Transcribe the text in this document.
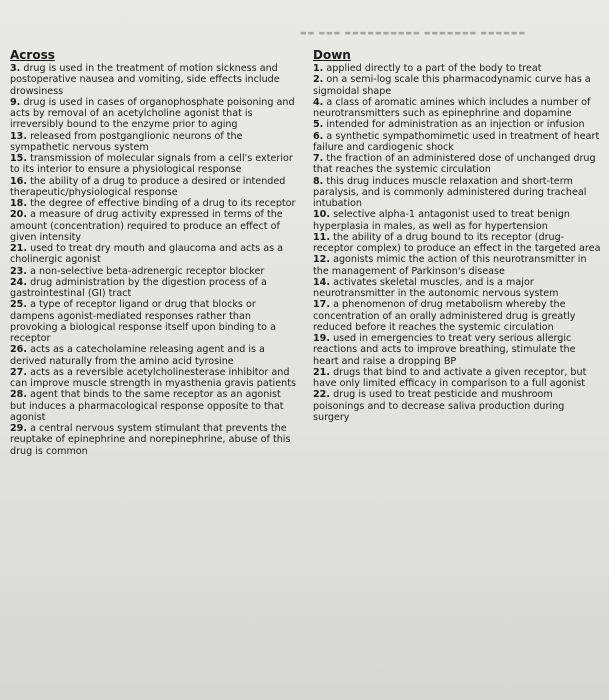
▬▬ ▬▬▬ ▬▬▬▬▬▬▬▬▬▬ ▬▬▬▬▬▬▬ ▬▬▬▬▬▬
Across

3. drug is used in the treatment of motion sickness and postoperative nausea and vomiting, side effects include drowsiness

9. drug is used in cases of organophosphate poisoning and acts by removal of an acetylcholine agonist that is irreversibly bound to the enzyme prior to aging

13. released from postganglionic neurons of the sympathetic nervous system

15. transmission of molecular signals from a cell's exterior to its interior to ensure a physiological response

16. the ability of a drug to produce a desired or intended therapeutic/physiological response

18. the degree of effective binding of a drug to its receptor

20. a measure of drug activity expressed in terms of the amount (concentration) required to produce an effect of given intensity

21. used to treat dry mouth and glaucoma and acts as a cholinergic agonist

23. a non-selective beta-adrenergic receptor blocker

24. drug administration by the digestion process of a gastrointestinal (GI) tract

25. a type of receptor ligand or drug that blocks or dampens agonist-mediated responses rather than provoking a biological response itself upon binding to a receptor

26. acts as a catecholamine releasing agent and is a derived naturally from the amino acid tyrosine

27. acts as a reversible acetylcholinesterase inhibitor and can improve muscle strength in myasthenia gravis patients

28. agent that binds to the same receptor as an agonist but induces a pharmacological response opposite to that agonist

29. a central nervous system stimulant that prevents the reuptake of epinephrine and norepinephrine, abuse of this drug is common

Down

1. applied directly to a part of the body to treat

2. on a semi-log scale this pharmacodynamic curve has a sigmoidal shape

4. a class of aromatic amines which includes a number of neurotransmitters such as epinephrine and dopamine

5. intended for administration as an injection or infusion

6. a synthetic sympathomimetic used in treatment of heart failure and cardiogenic shock

7. the fraction of an administered dose of unchanged drug that reaches the systemic circulation

8. this drug induces muscle relaxation and short-term paralysis, and is commonly administered during tracheal intubation

10. selective alpha-1 antagonist used to treat benign hyperplasia in males, as well as for hypertension

11. the ability of a drug bound to its receptor (drug-receptor complex) to produce an effect in the targeted area

12. agonists mimic the action of this neurotransmitter in the management of Parkinson's disease

14. activates skeletal muscles, and is a major neurotransmitter in the autonomic nervous system

17. a phenomenon of drug metabolism whereby the concentration of an orally administered drug is greatly reduced before it reaches the systemic circulation

19. used in emergencies to treat very serious allergic reactions and acts to improve breathing, stimulate the heart and raise a dropping BP

21. drugs that bind to and activate a given receptor, but have only limited efficacy in comparison to a full agonist

22. drug is used to treat pesticide and mushroom poisonings and to decrease saliva production during surgery
